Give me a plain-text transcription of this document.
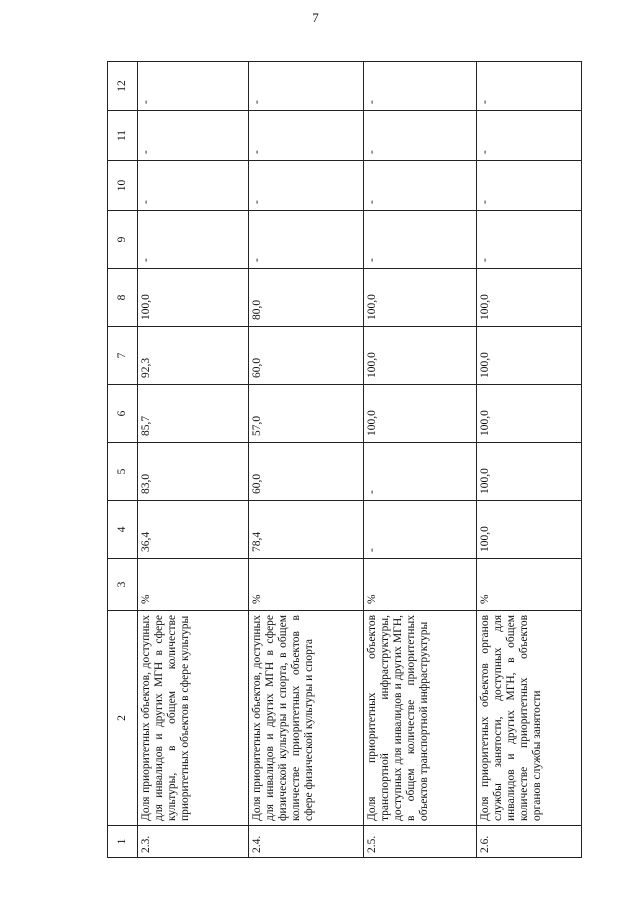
7
1	2	3	4	5	6	7	8	9	10	11	12
2.3.	Доля приоритетных объектов, доступных для инвалидов и других МГН в сфере культуры, в общем количестве приоритетных объектов в сфере культуры	%	36,4	83,0	85,7	92,3	100,0	-	-	-	-
2.4.	Доля приоритетных объектов, доступных для инвалидов и других МГН в сфере физической культуры и спорта, в общем количестве приоритетных объектов в сфере физической культуры и спорта	%	78,4	60,0	57,0	60,0	80,0	-	-	-	-
2.5.	Доля приоритетных объектов транспортной инфраструктуры, доступных для инвалидов и других МГН, в общем количестве приоритетных объектов транспортной инфраструктуры	%	-	-	100,0	100,0	100,0	-	-	-	-
2.6.	Доля приоритетных объектов органов службы занятости, доступных для инвалидов и других МГН, в общем количестве приоритетных объектов органов службы занятости	%	100,0	100,0	100,0	100,0	100,0	-	-	-	-
